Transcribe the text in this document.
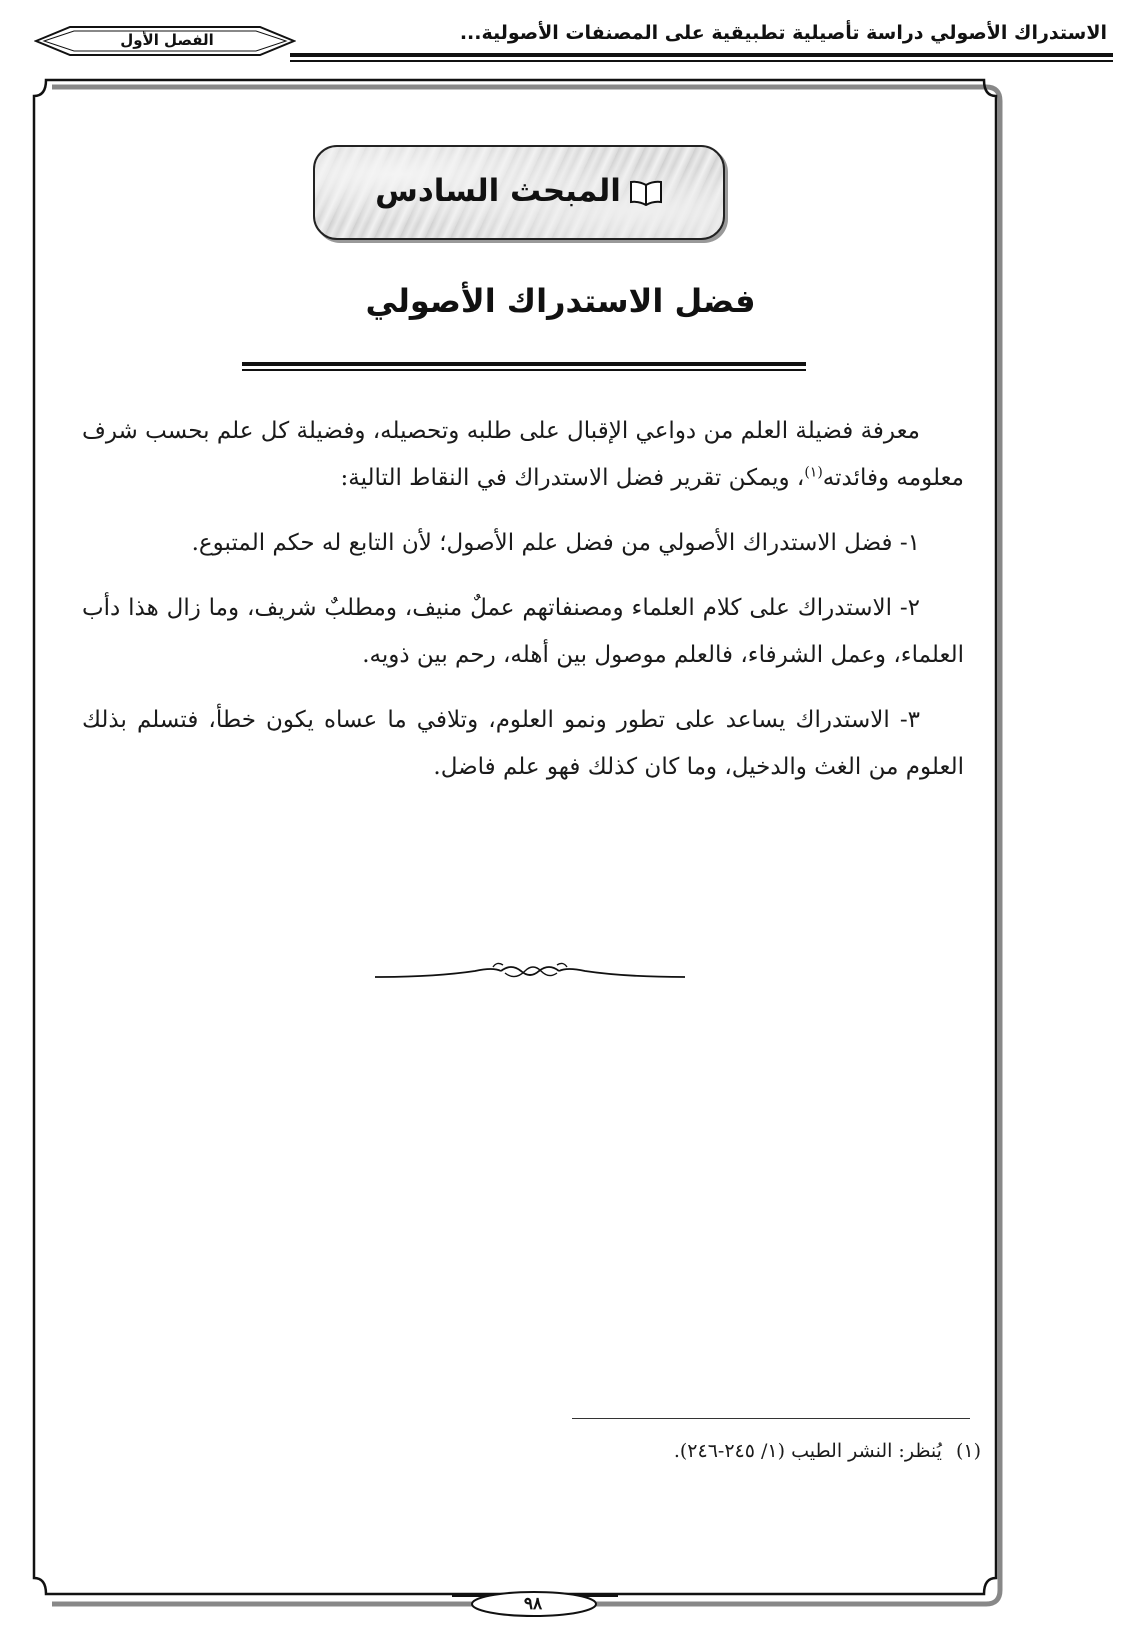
الاستدراك الأصولي دراسة تأصيلية تطبيقية على المصنفات الأصولية...
الفصل الأول
المبحث السادس
فضل الاستدراك الأصولي

معرفة فضيلة العلم من دواعي الإقبال على طلبه وتحصيله، وفضيلة كل علم بحسب شرف معلومه وفائدته$^{(١)}$، ويمكن تقرير فضل الاستدراك في النقاط التالية:

١- فضل الاستدراك الأصولي من فضل علم الأصول؛ لأن التابع له حكم المتبوع.

٢- الاستدراك على كلام العلماء ومصنفاتهم عملٌ منيف، ومطلبٌ شريف، وما زال هذا دأب العلماء، وعمل الشرفاء، فالعلم موصول بين أهله، رحم بين ذويه.

٣- الاستدراك يساعد على تطور ونمو العلوم، وتلافي ما عساه يكون خطأ، فتسلم بذلك العلوم من الغث والدخيل، وما كان كذلك فهو علم فاضل.

(١)يُنظر: النشر الطيب (١/ ٢٤٥-٢٤٦).
٩٨
